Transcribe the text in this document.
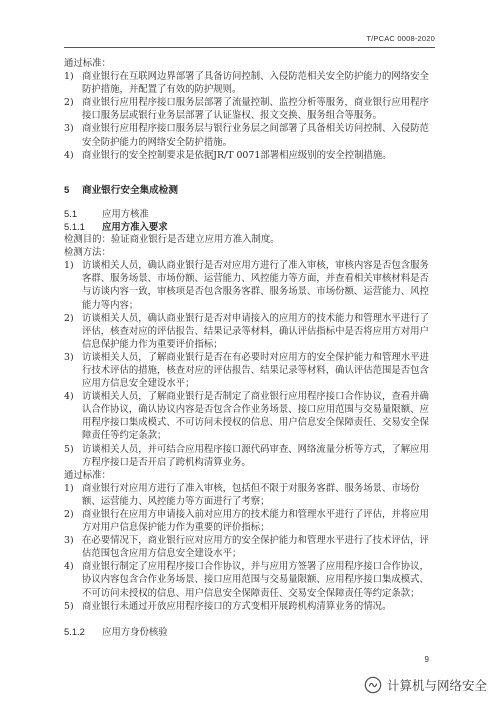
T/PCAC 0008-2020

通过标准：

1) 商业银行在互联网边界部署了具备访问控制、入侵防范相关安全防护能力的网络安全防护措施，并配置了有效的防护规则。
2) 商业银行应用程序接口服务层部署了流量控制、监控分析等服务，商业银行应用程序接口服务层或银行业务层部署了认证鉴权、报文交换、服务组合等服务。
3) 商业银行应用程序接口服务层与银行业务层之间部署了具备相关访问控制、入侵防范安全防护能力的网络安全防护措施。
4) 商业银行的安全控制要求是依据JR/T 0071部署相应级别的安全控制措施。
5 商业银行安全集成检测

5.1	应用方核准

5.1.1 应用方准入要求

检测目的：验证商业银行是否建立应用方准入制度。

检测方法：

1) 访谈相关人员，确认商业银行是否对应用方进行了准入审核，审核内容是否包含服务客群、服务场景、市场份额、运营能力、风控能力等方面，并查看相关审核材料是否与访谈内容一致，审核项是否包含服务客群、服务场景、市场份额、运营能力、风控能力等内容；
2) 访谈相关人员，确认商业银行是否对申请接入的应用方的技术能力和管理水平进行了评估，核查对应的评估报告、结果记录等材料，确认评估指标中是否将应用方对用户信息保护能力作为重要评价指标；
3) 访谈相关人员，了解商业银行是否在有必要时对应用方的安全保护能力和管理水平进行技术评估的措施，核查对应的评估报告、结果记录等材料，确认评估范围是否包含应用方信息安全建设水平；
4) 访谈相关人员，了解商业银行是否制定了商业银行应用程序接口合作协议，查看并确认合作协议，确认协议内容是否包含合作业务场景、接口应用范围与交易量限额、应用程序接口集成模式、不可访问未授权的信息、用户信息安全保障责任、交易安全保障责任等约定条款；
5) 访谈相关人员，并可结合应用程序接口源代码审查、网络流量分析等方式，了解应用方程序接口是否开启了跨机构清算业务。

通过标准：

1) 商业银行对应用方进行了准入审核，包括但不限于对服务客群、服务场景、市场份额、运营能力、风控能力等方面进行了考察；
2) 商业银行在应用方申请接入前对应用方的技术能力和管理水平进行了评估，并将应用方对用户信息保护能力作为重要的评价指标；
3) 在必要情况下，商业银行应对应用方的安全保护能力和管理水平进行了技术评估，评估范围包含应用方信息安全建设水平；
4) 商业银行制定了应用程序接口合作协议，并与应用方签署了应用程序接口合作协议，协议内容包含合作业务场景、接口应用范围与交易量限额、应用程序接口集成模式、不可访问未授权的信息、用户信息安全保障责任、交易安全保障责任等约定条款；
5) 商业银行未通过开放应用程序接口的方式变相开展跨机构清算业务的情况。

5.1.2 应用方身份核验

9
计算机与网络安全
